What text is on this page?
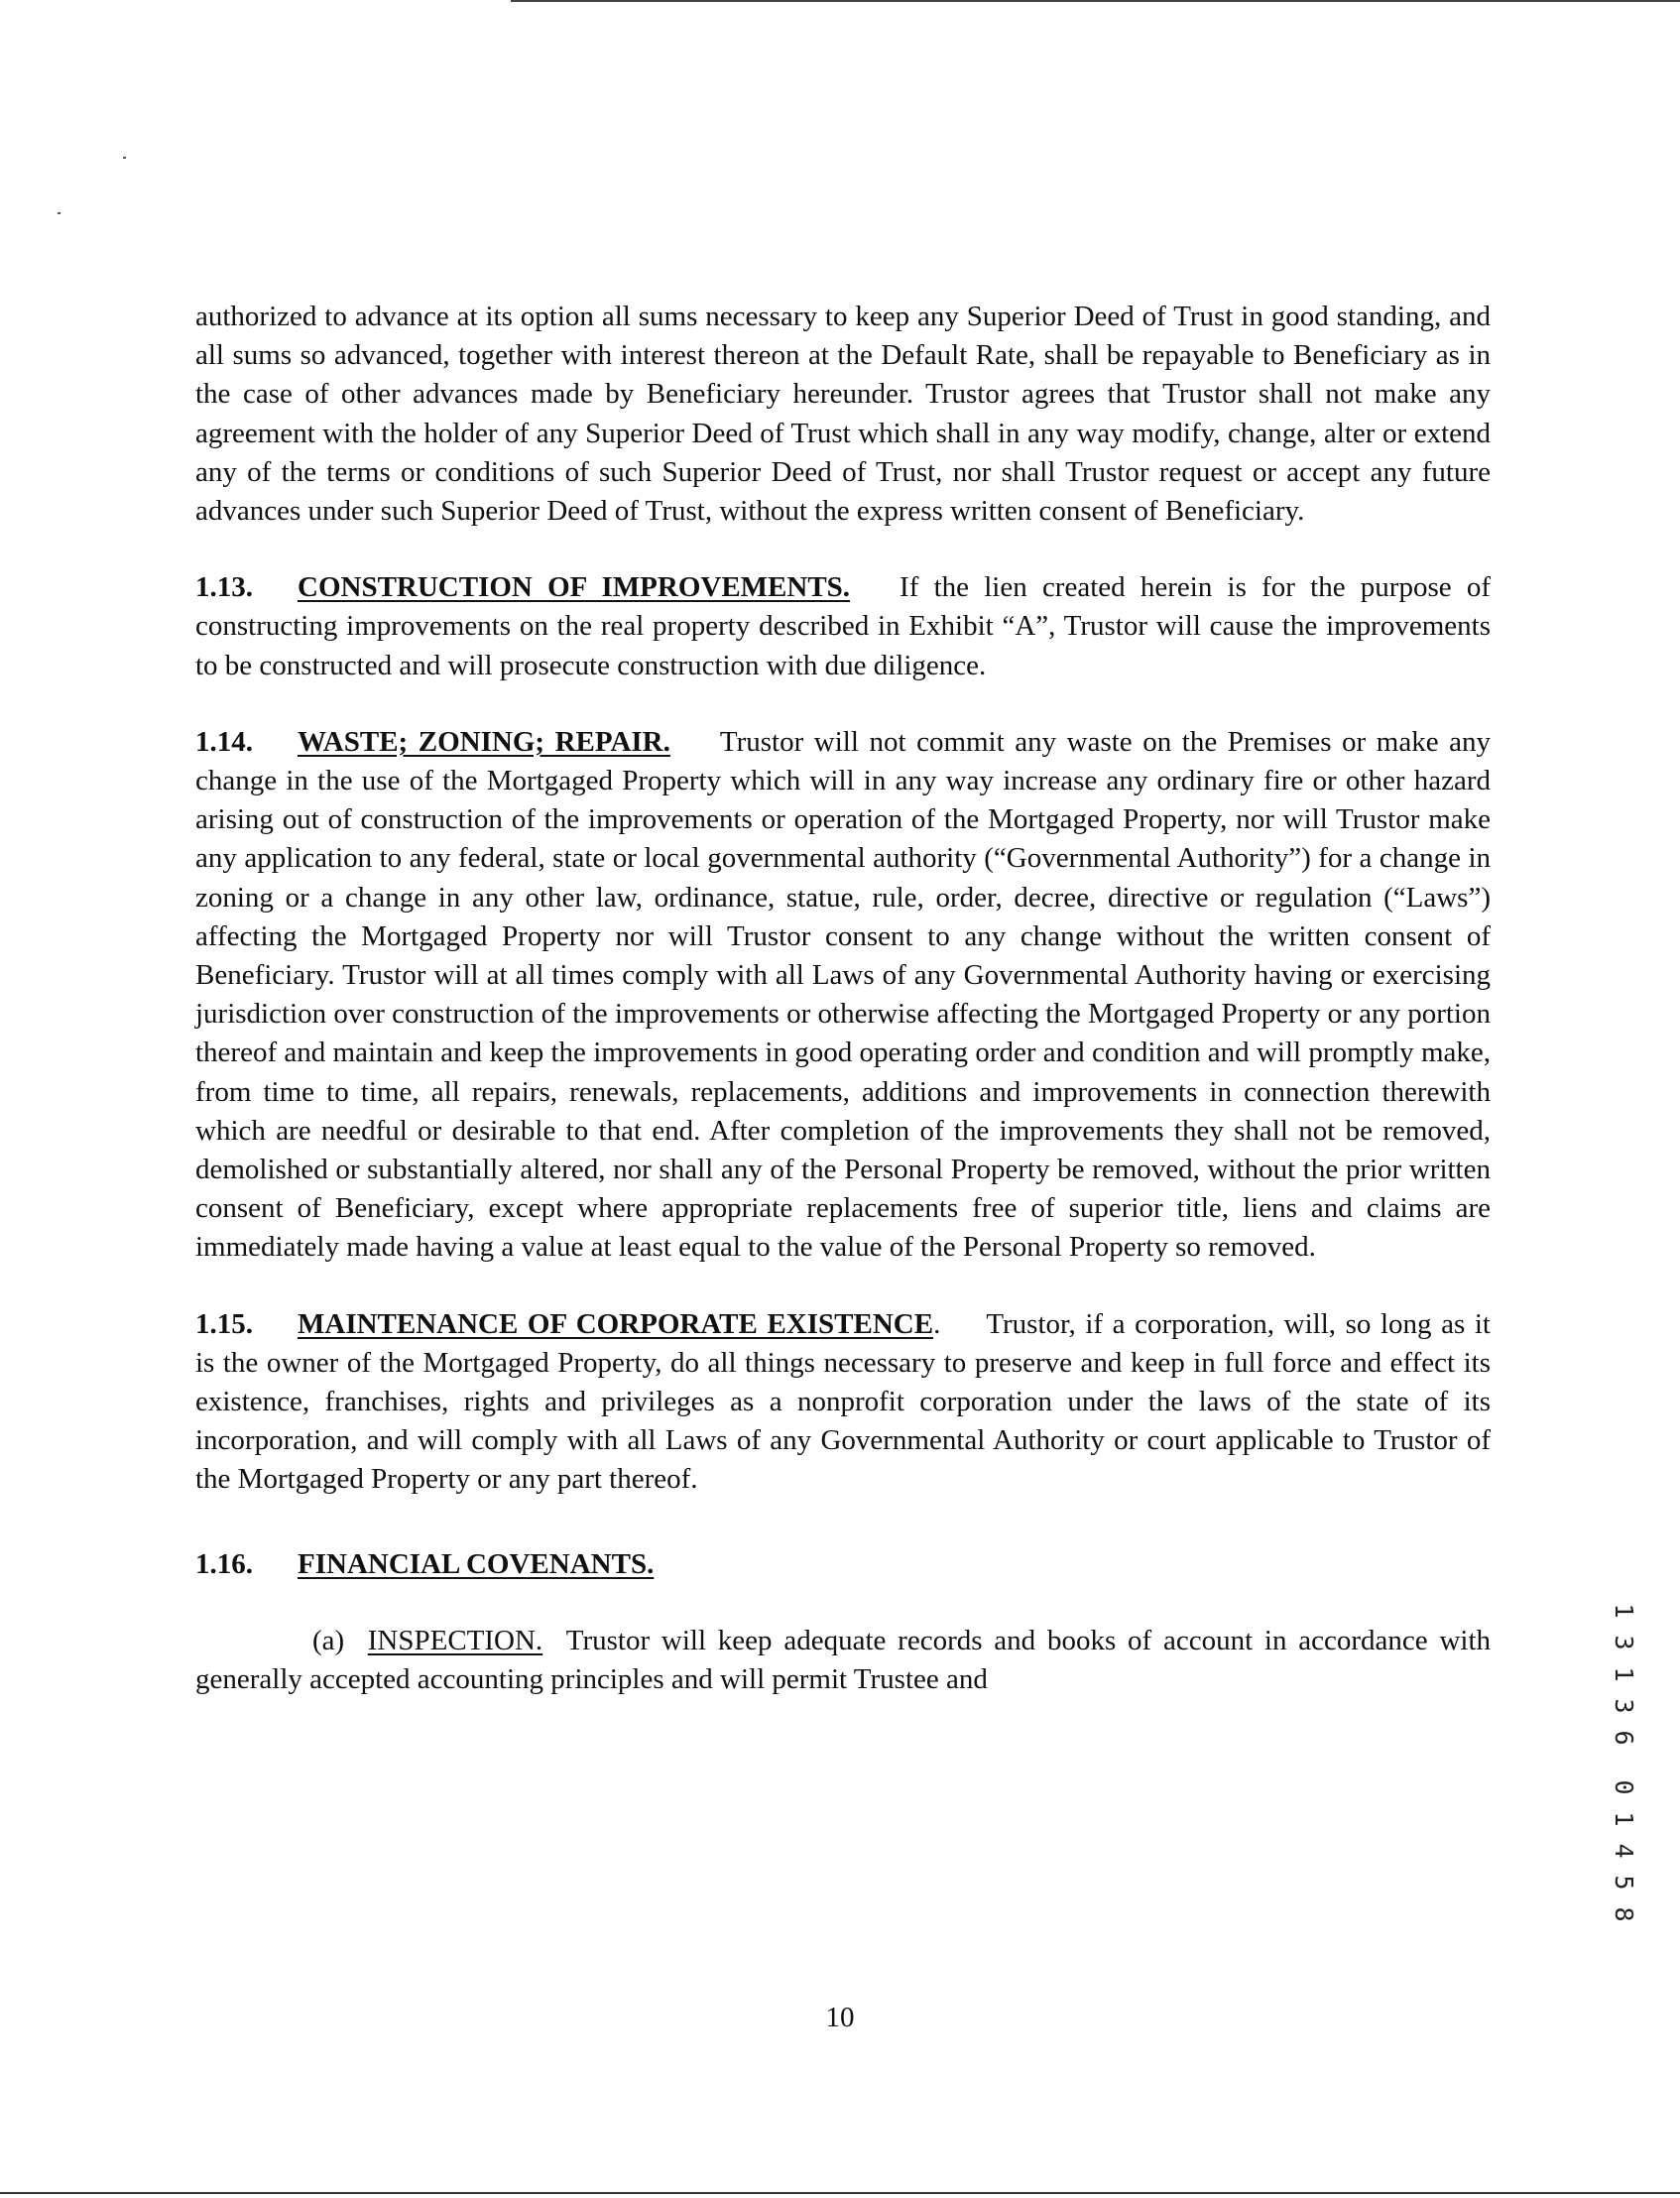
authorized to advance at its option all sums necessary to keep any Superior Deed of Trust in good standing, and all sums so advanced, together with interest thereon at the Default Rate, shall be repayable to Beneficiary as in the case of other advances made by Beneficiary hereunder. Trustor agrees that Trustor shall not make any agreement with the holder of any Superior Deed of Trust which shall in any way modify, change, alter or extend any of the terms or conditions of such Superior Deed of Trust, nor shall Trustor request or accept any future advances under such Superior Deed of Trust, without the express written consent of Beneficiary.

1.13. CONSTRUCTION OF IMPROVEMENTS. If the lien created herein is for the purpose of constructing improvements on the real property described in Exhibit “A”, Trustor will cause the improvements to be constructed and will prosecute construction with due diligence.

1.14. WASTE; ZONING; REPAIR. Trustor will not commit any waste on the Premises or make any change in the use of the Mortgaged Property which will in any way increase any ordinary fire or other hazard arising out of construction of the improvements or operation of the Mortgaged Property, nor will Trustor make any application to any federal, state or local governmental authority (“Governmental Authority”) for a change in zoning or a change in any other law, ordinance, statue, rule, order, decree, directive or regulation (“Laws”) affecting the Mortgaged Property nor will Trustor consent to any change without the written consent of Beneficiary. Trustor will at all times comply with all Laws of any Governmental Authority having or exercising jurisdiction over construction of the improvements or otherwise affecting the Mortgaged Property or any portion thereof and maintain and keep the improvements in good operating order and condition and will promptly make, from time to time, all repairs, renewals, replacements, additions and improvements in connection therewith which are needful or desirable to that end. After completion of the improvements they shall not be removed, demolished or substantially altered, nor shall any of the Personal Property be removed, without the prior written consent of Beneficiary, except where appropriate replacements free of superior title, liens and claims are immediately made having a value at least equal to the value of the Personal Property so removed.

1.15. MAINTENANCE OF CORPORATE EXISTENCE. Trustor, if a corporation, will, so long as it is the owner of the Mortgaged Property, do all things necessary to preserve and keep in full force and effect its existence, franchises, rights and privileges as a nonprofit corporation under the laws of the state of its incorporation, and will comply with all Laws of any Governmental Authority or court applicable to Trustor of the Mortgaged Property or any part thereof.

1.16. FINANCIAL COVENANTS.

(a) INSPECTION. Trustor will keep adequate records and books of account in accordance with generally accepted accounting principles and will permit Trustee and

1
3
1
3
6
0
1
4
5
8
10
